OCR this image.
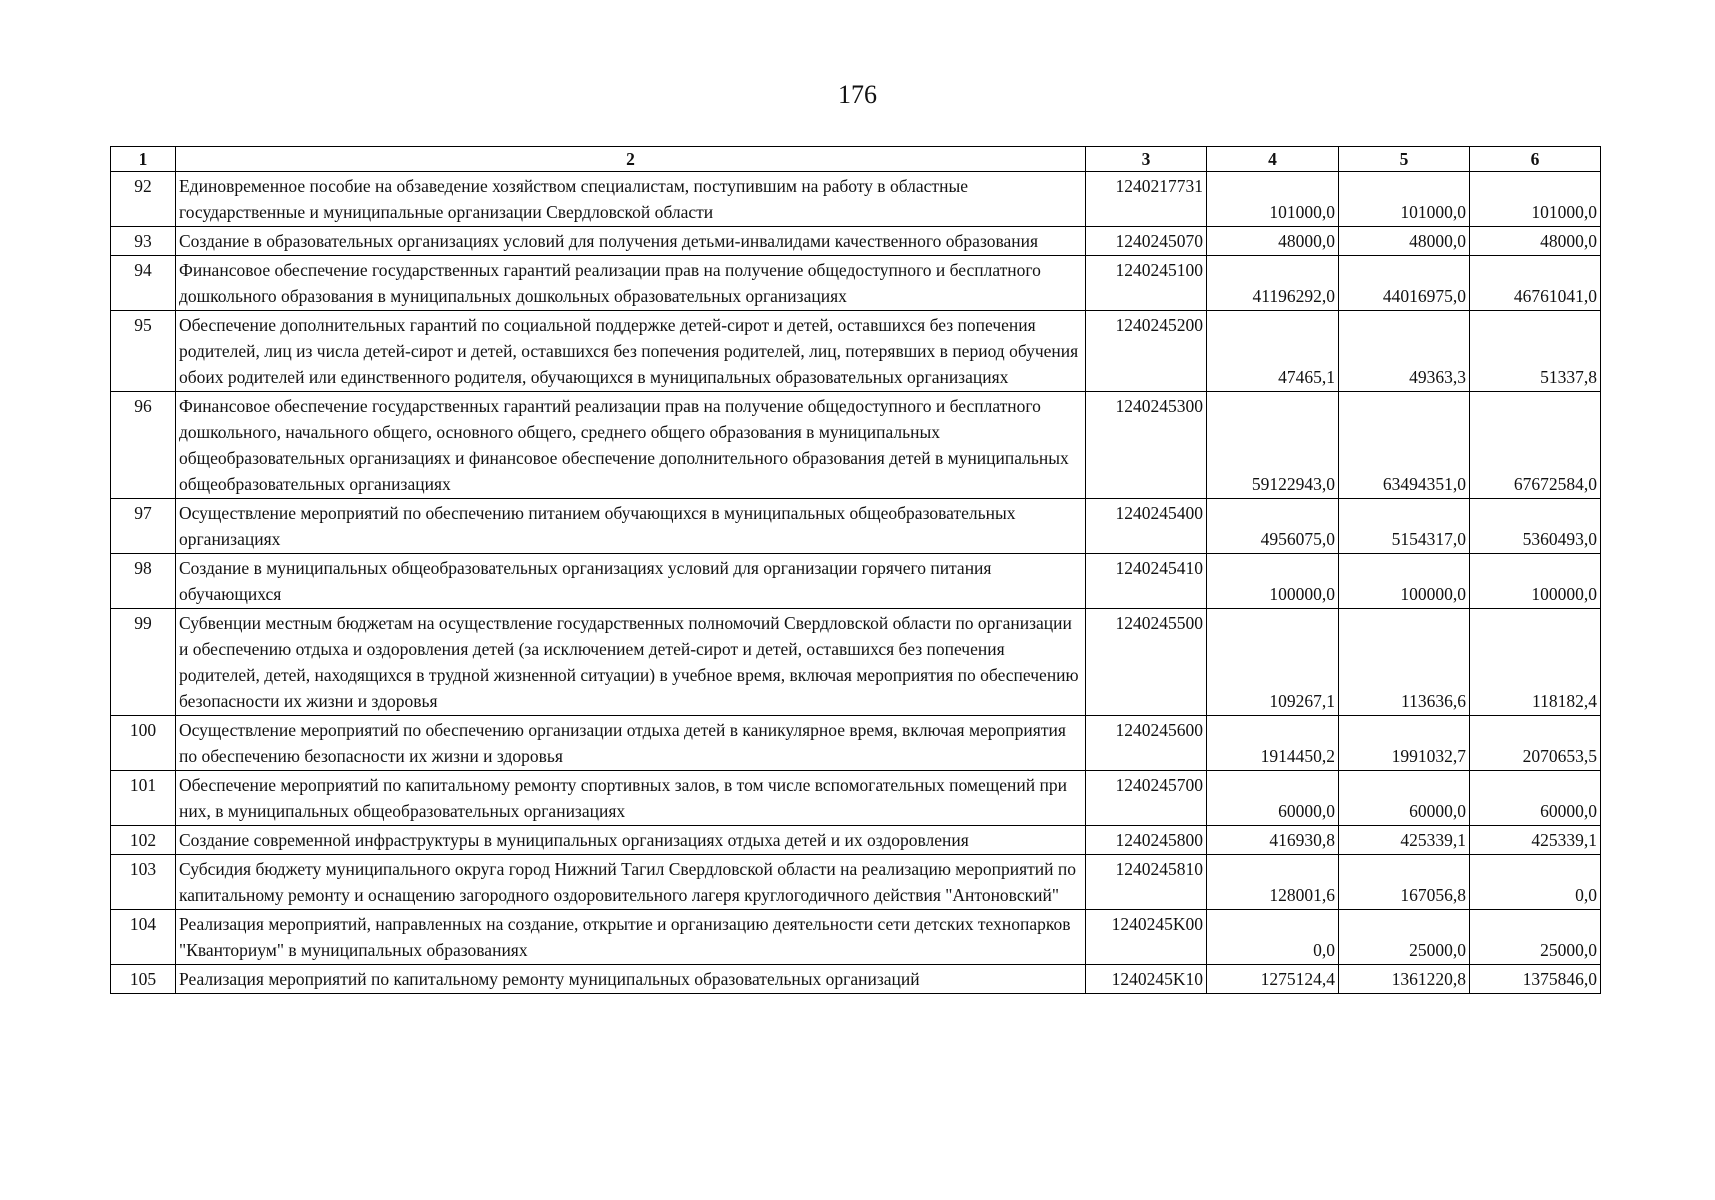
176
1	2	3	4	5	6
92	Единовременное пособие на обзаведение хозяйством специалистам, поступившим на работу в областные государственные и муниципальные организации Свердловской области	1240217731	101000,0	101000,0	101000,0
93	Создание в образовательных организациях условий для получения детьми-инвалидами качественного образования	1240245070	48000,0	48000,0	48000,0
94	Финансовое обеспечение государственных гарантий реализации прав на получение общедоступного и бесплатного дошкольного образования в муниципальных дошкольных образовательных организациях	1240245100	41196292,0	44016975,0	46761041,0
95	Обеспечение дополнительных гарантий по социальной поддержке детей-сирот и детей, оставшихся без попечения родителей, лиц из числа детей-сирот и детей, оставшихся без попечения родителей, лиц, потерявших в период обучения обоих родителей или единственного родителя, обучающихся в муниципальных образовательных организациях	1240245200	47465,1	49363,3	51337,8
96	Финансовое обеспечение государственных гарантий реализации прав на получение общедоступного и бесплатного дошкольного, начального общего, основного общего, среднего общего образования в муниципальных общеобразовательных организациях и финансовое обеспечение дополнительного образования детей в муниципальных общеобразовательных организациях	1240245300	59122943,0	63494351,0	67672584,0
97	Осуществление мероприятий по обеспечению питанием обучающихся в муниципальных общеобразовательных организациях	1240245400	4956075,0	5154317,0	5360493,0
98	Создание в муниципальных общеобразовательных организациях условий для организации горячего питания обучающихся	1240245410	100000,0	100000,0	100000,0
99	Субвенции местным бюджетам на осуществление государственных полномочий Свердловской области по организации и обеспечению отдыха и оздоровления детей (за исключением детей-сирот и детей, оставшихся без попечения родителей, детей, находящихся в трудной жизненной ситуации) в учебное время, включая мероприятия по обеспечению безопасности их жизни и здоровья	1240245500	109267,1	113636,6	118182,4
100	Осуществление мероприятий по обеспечению организации отдыха детей в каникулярное время, включая мероприятия по обеспечению безопасности их жизни и здоровья	1240245600	1914450,2	1991032,7	2070653,5
101	Обеспечение мероприятий по капитальному ремонту спортивных залов, в том числе вспомогательных помещений при них, в муниципальных общеобразовательных организациях	1240245700	60000,0	60000,0	60000,0
102	Создание современной инфраструктуры в муниципальных организациях отдыха детей и их оздоровления	1240245800	416930,8	425339,1	425339,1
103	Субсидия бюджету муниципального округа город Нижний Тагил Свердловской области на реализацию мероприятий по капитальному ремонту и оснащению загородного оздоровительного лагеря круглогодичного действия "Антоновский"	1240245810	128001,6	167056,8	0,0
104	Реализация мероприятий, направленных на создание, открытие и организацию деятельности сети детских технопарков "Кванториум" в муниципальных образованиях	1240245K00	0,0	25000,0	25000,0
105	Реализация мероприятий по капитальному ремонту муниципальных образовательных организаций	1240245K10	1275124,4	1361220,8	1375846,0
